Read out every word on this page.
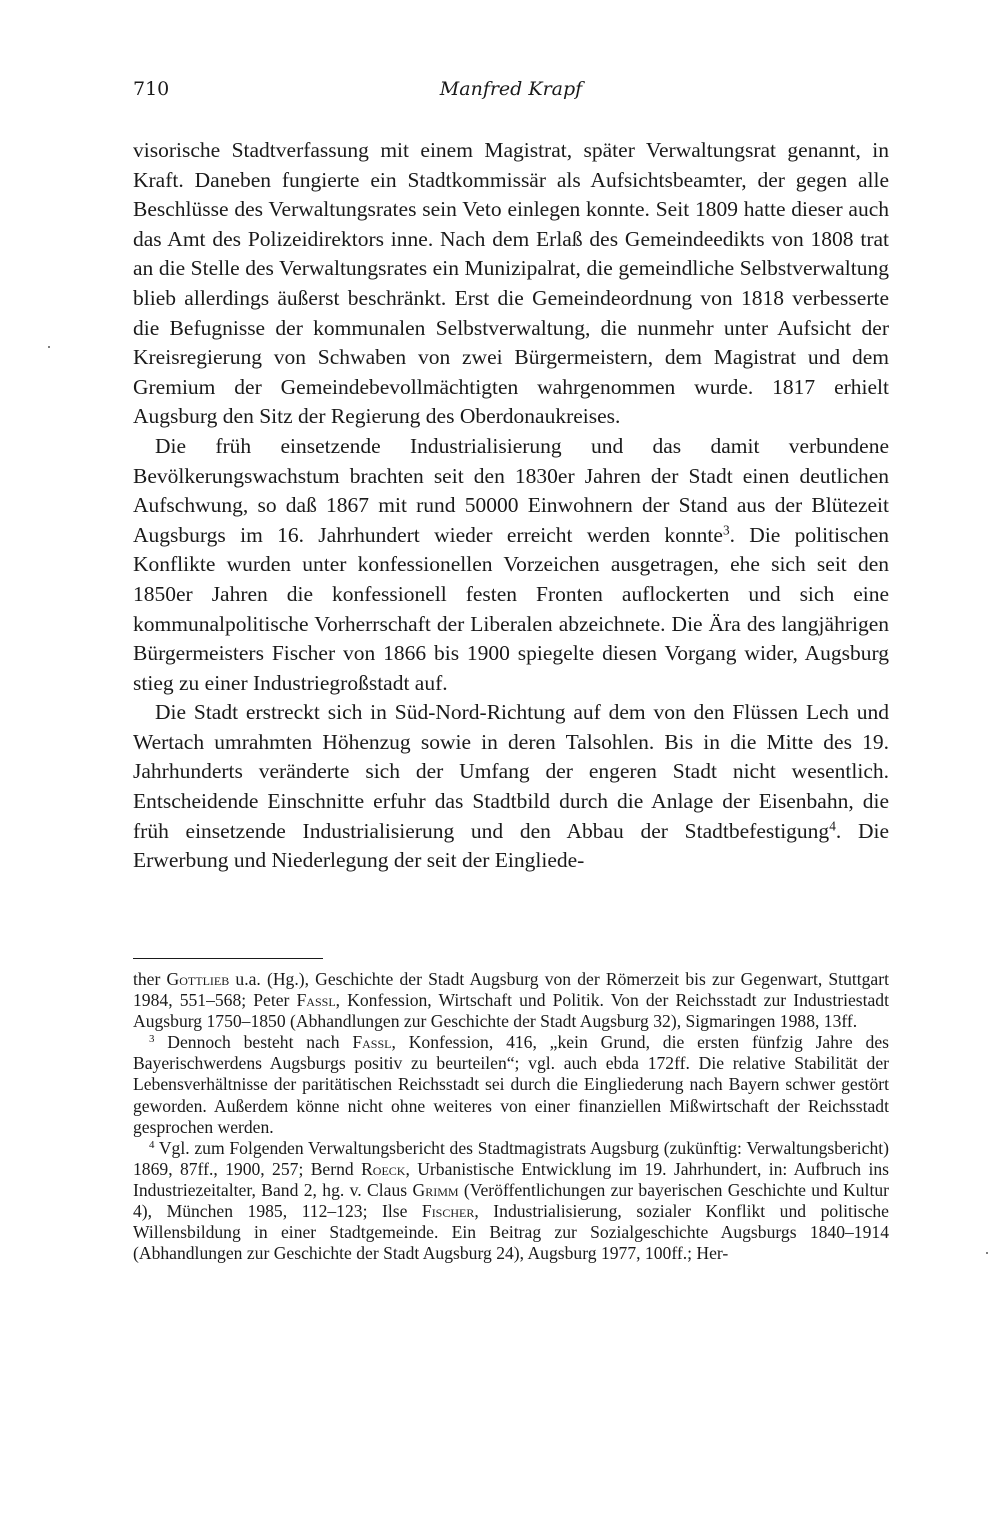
710	Manfred Krapf

visorische Stadtverfassung mit einem Magistrat, später Verwaltungsrat genannt, in Kraft. Daneben fungierte ein Stadtkommissär als Aufsichtsbeamter, der gegen alle Beschlüsse des Verwaltungsrates sein Veto einlegen konnte. Seit 1809 hatte dieser auch das Amt des Polizeidirektors inne. Nach dem Erlaß des Gemeindeedikts von 1808 trat an die Stelle des Verwaltungsrates ein Munizipalrat, die gemeindliche Selbstverwaltung blieb allerdings äußerst beschränkt. Erst die Gemeindeordnung von 1818 verbesserte die Befugnisse der kommunalen Selbstverwaltung, die nunmehr unter Aufsicht der Kreisregierung von Schwaben von zwei Bürgermeistern, dem Magistrat und dem Gremium der Gemeindebevollmächtigten wahrgenommen wurde. 1817 erhielt Augsburg den Sitz der Regierung des Oberdonaukreises.

Die früh einsetzende Industrialisierung und das damit verbundene Bevölkerungswachstum brachten seit den 1830er Jahren der Stadt einen deutlichen Aufschwung, so daß 1867 mit rund 50000 Einwohnern der Stand aus der Blütezeit Augsburgs im 16. Jahrhundert wieder erreicht werden konnte$^3$. Die politischen Konflikte wurden unter konfessionellen Vorzeichen ausgetragen, ehe sich seit den 1850er Jahren die konfessionell festen Fronten auflockerten und sich eine kommunalpolitische Vorherrschaft der Liberalen abzeichnete. Die Ära des langjährigen Bürgermeisters Fischer von 1866 bis 1900 spiegelte diesen Vorgang wider, Augsburg stieg zu einer Industriegroßstadt auf.

Die Stadt erstreckt sich in Süd-Nord-Richtung auf dem von den Flüssen Lech und Wertach umrahmten Höhenzug sowie in deren Talsohlen. Bis in die Mitte des 19. Jahrhunderts veränderte sich der Umfang der engeren Stadt nicht wesentlich. Entscheidende Einschnitte erfuhr das Stadtbild durch die Anlage der Eisenbahn, die früh einsetzende Industrialisierung und den Abbau der Stadtbefestigung$^4$. Die Erwerbung und Niederlegung der seit der Eingliede-

ther Gottlieb u.a. (Hg.), Geschichte der Stadt Augsburg von der Römerzeit bis zur Gegenwart, Stuttgart 1984, 551–568; Peter Fassl, Konfession, Wirtschaft und Politik. Von der Reichsstadt zur Industriestadt Augsburg 1750–1850 (Abhandlungen zur Geschichte der Stadt Augsburg 32), Sigmaringen 1988, 13ff.

$^3$ Dennoch besteht nach Fassl, Konfession, 416, „kein Grund, die ersten fünfzig Jahre des Bayerischwerdens Augsburgs positiv zu beurteilen“; vgl. auch ebda 172ff. Die relative Stabilität der Lebensverhältnisse der paritätischen Reichsstadt sei durch die Eingliederung nach Bayern schwer gestört geworden. Außerdem könne nicht ohne weiteres von einer finanziellen Mißwirtschaft der Reichsstadt gesprochen werden.

$^4$ Vgl. zum Folgenden Verwaltungsbericht des Stadtmagistrats Augsburg (zukünftig: Verwaltungsbericht) 1869, 87ff., 1900, 257; Bernd Roeck, Urbanistische Entwicklung im 19. Jahrhundert, in: Aufbruch ins Industriezeitalter, Band 2, hg. v. Claus Grimm (Veröffentlichungen zur bayerischen Geschichte und Kultur 4), München 1985, 112–123; Ilse Fischer, Industrialisierung, sozialer Konflikt und politische Willensbildung in einer Stadtgemeinde. Ein Beitrag zur Sozialgeschichte Augsburgs 1840–1914 (Abhandlungen zur Geschichte der Stadt Augsburg 24), Augsburg 1977, 100ff.; Her-
